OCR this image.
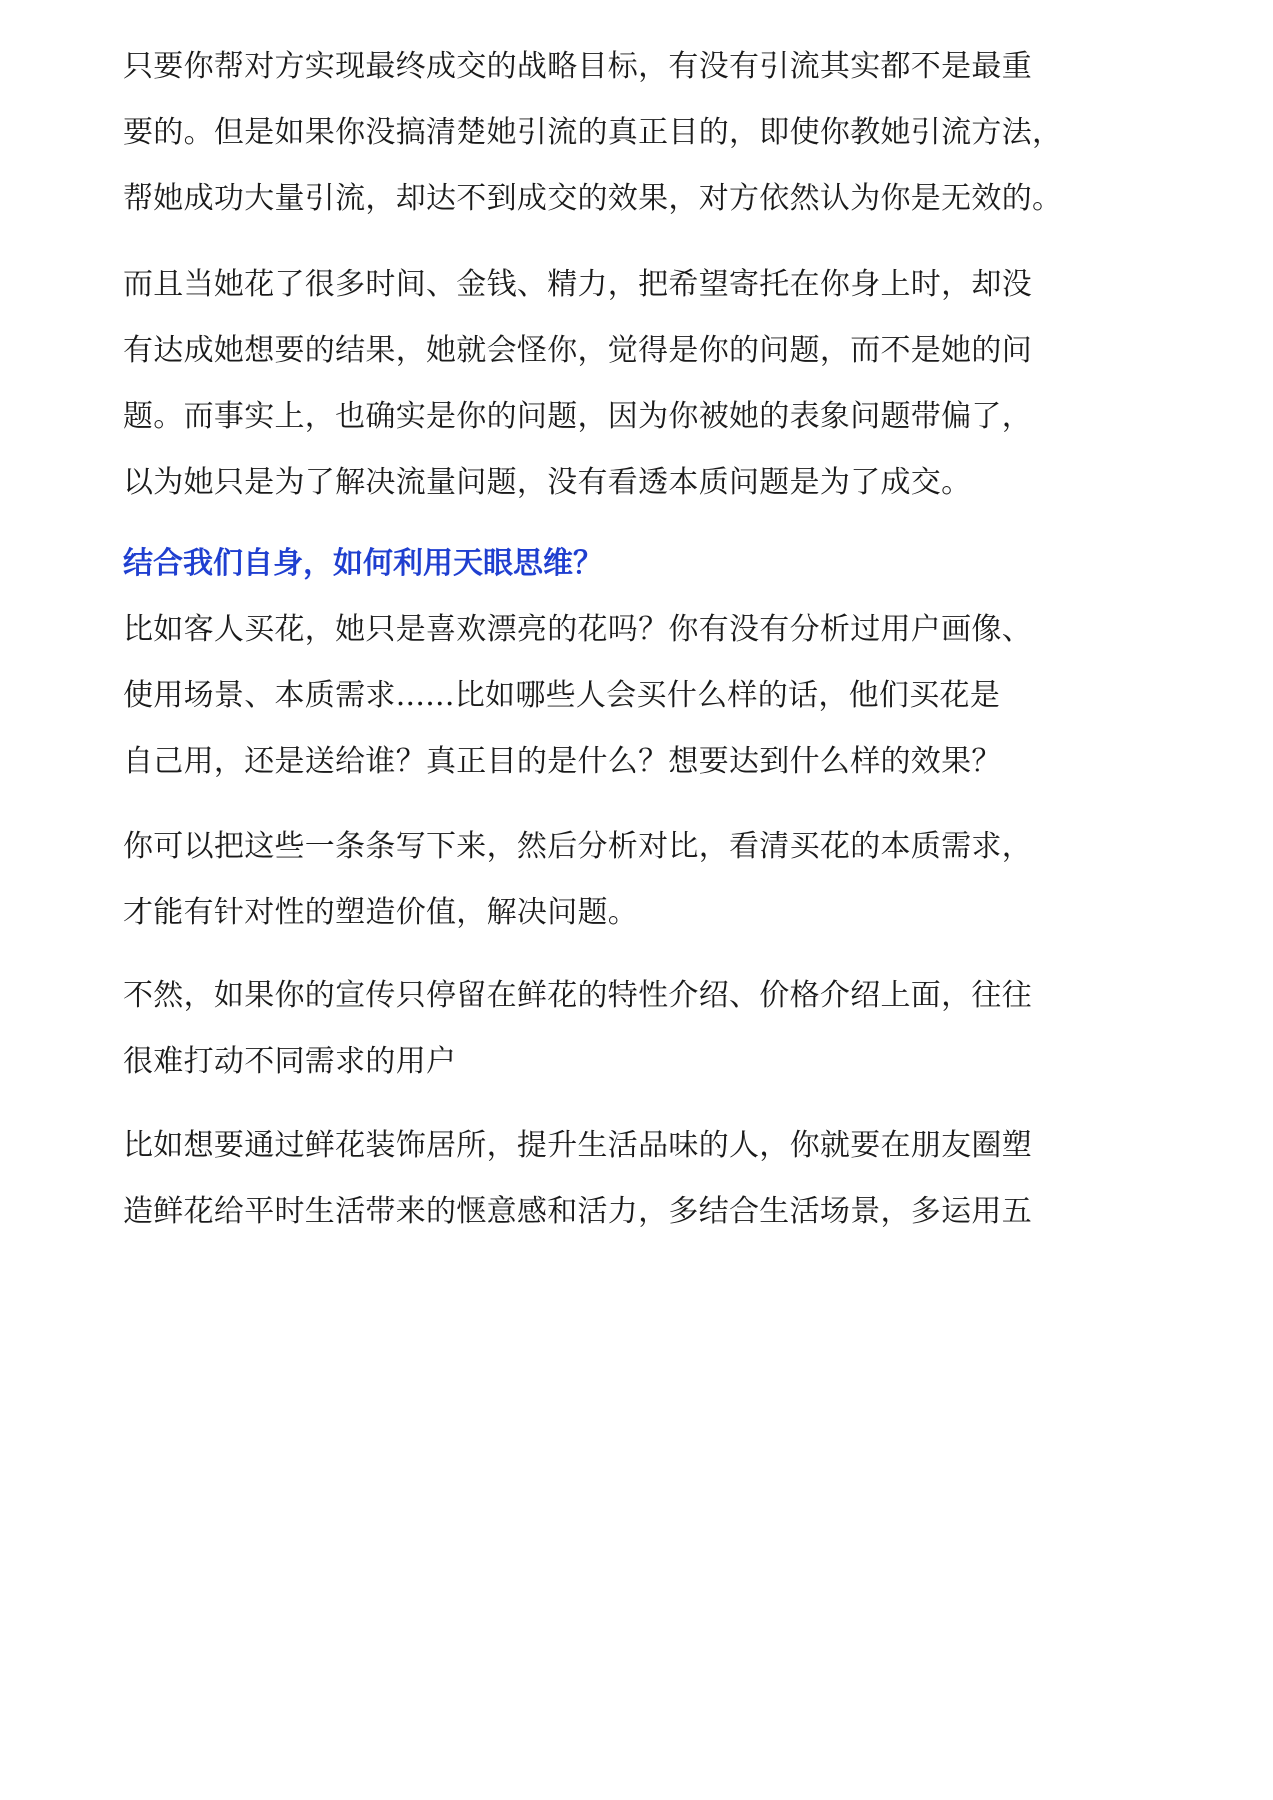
只要你帮对方实现最终成交的战略目标，有没有引流其实都不是最重

要的。但是如果你没搞清楚她引流的真正目的，即使你教她引流方法，

帮她成功大量引流，却达不到成交的效果，对方依然认为你是无效的。

而且当她花了很多时间、金钱、精力，把希望寄托在你身上时，却没

有达成她想要的结果，她就会怪你，觉得是你的问题，而不是她的问

题。而事实上，也确实是你的问题，因为你被她的表象问题带偏了，

以为她只是为了解决流量问题，没有看透本质问题是为了成交。

结合我们自身，如何利用天眼思维？

比如客人买花，她只是喜欢漂亮的花吗？你有没有分析过用户画像、

使用场景、本质需求......比如哪些人会买什么样的话，他们买花是

自己用，还是送给谁？真正目的是什么？想要达到什么样的效果？

你可以把这些一条条写下来，然后分析对比，看清买花的本质需求，

才能有针对性的塑造价值，解决问题。

不然，如果你的宣传只停留在鲜花的特性介绍、价格介绍上面，往往

很难打动不同需求的用户

比如想要通过鲜花装饰居所，提升生活品味的人，你就要在朋友圈塑

造鲜花给平时生活带来的惬意感和活力，多结合生活场景，多运用五
